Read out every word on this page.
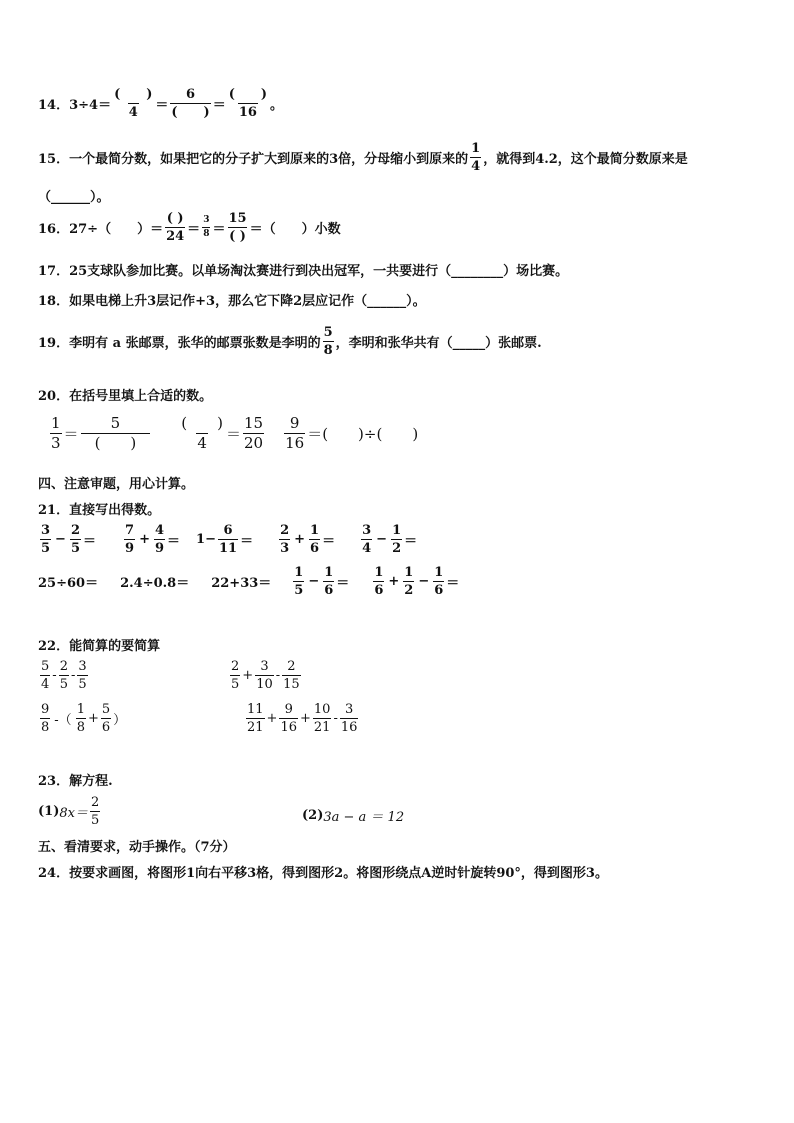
14．3÷4＝
(　　)
4 ＝
6
(　　) ＝
(　　)
16 。
15．一个最简分数，如果把它的分子扩大到原来的3倍，分母缩小到原来的
1
4 ，就得到4.2，这个最简分数原来是
（______）。
16．27÷（　　）＝
( )
24 ＝
3
8 ＝
15
( ) ＝（　　）小数
17．25支球队参加比赛。以单场淘汰赛进行到决出冠军，一共要进行（________）场比赛。
18．如果电梯上升3层记作+3，那么它下降2层应记作（______）。
19．李明有 a 张邮票，张华的邮票张数是李明的
5
8 ，李明和张华共有（_____）张邮票.
20．在括号里填上合适的数。
1
3 ＝
5
(　　)
(　　)
4 ＝
15
20
9
16 ＝(　　)÷(　　)
四、注意审题，用心计算。
21．直接写出得数。
3
5
− $\frac{2}{5}$ ＝
7
9
+ $\frac{4}{9} = 1- \frac{6}{11}$ ＝
2
3
+ $\frac{1}{6}$ ＝
3
4
− $\frac{1}{2}$ ＝
25÷60＝ 2.4÷0.8＝ 22+33＝
1
5
− $\frac{1}{6}$ ＝
1
6
+ $\frac{1}{2} - \frac{1}{6}$ ＝
22．能简算的要简算
5
4
-
2
5
-
3
5
2
5
+ $\frac{3}{10}$ -
2
15
9
8 -（
1
8
+ $\frac{5}{6}$ ）
11
21
+ $\frac{9}{16} + \frac{10}{21}$ -
3
16
23．解方程.
(1) 8x＝
2
5	(2) 3a − a ＝ 12
五、看清要求，动手操作。（7分）
24．按要求画图，将图形1向右平移3格，得到图形2。将图形绕点A逆时针旋转90°，得到图形3。
